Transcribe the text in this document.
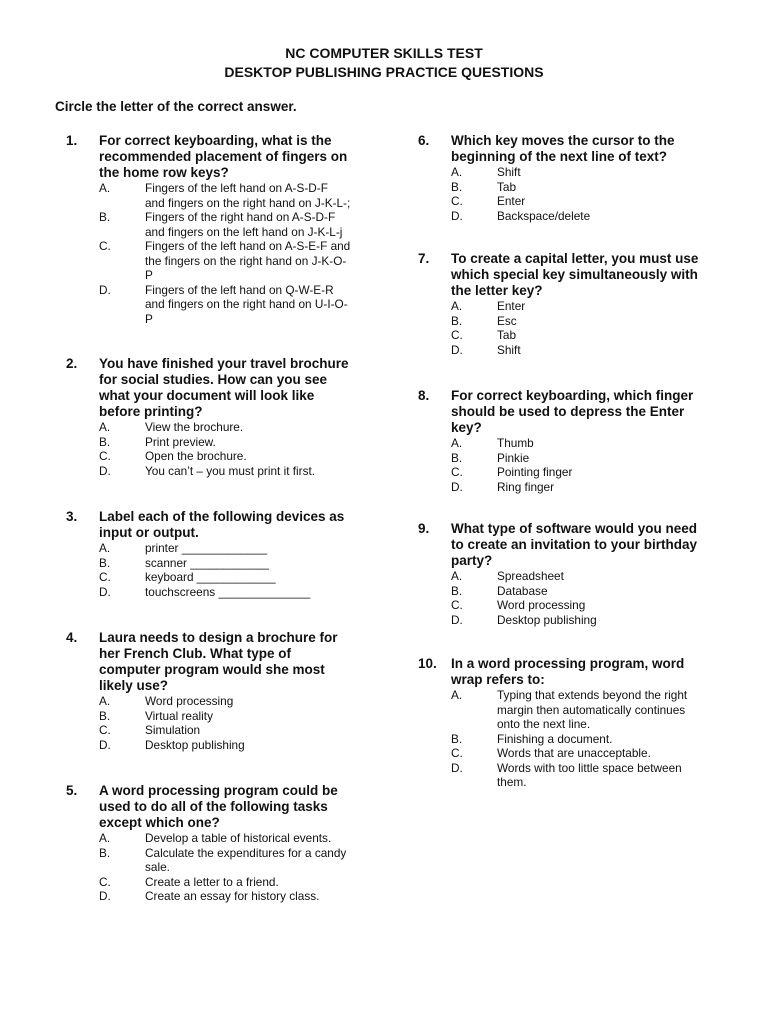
NC COMPUTER SKILLS TEST
DESKTOP PUBLISHING PRACTICE QUESTIONS
Circle the letter of the correct answer.
1. For correct keyboarding, what is the
recommended placement of fingers on
the home row keys?
A.	Fingers of the left hand on A-S-D-F
and fingers on the right hand on J-K-L-;
B.	Fingers of the right hand on A-S-D-F
and fingers on the left hand on J-K-L-j
C.	Fingers of the left hand on A-S-E-F and
the fingers on the right hand on J-K-O-
P
D.	Fingers of the left hand on Q-W-E-R
and fingers on the right hand on U-I-O-
P
2. You have finished your travel brochure
for social studies. How can you see
what your document will look like
before printing?
A.	View the brochure.
B.	Print preview.
C.	Open the brochure.
D.	You can’t – you must print it first.
3. Label each of the following devices as
input or output.
A.	printer _____________
B.	scanner ____________
C.	keyboard ____________
D.	touchscreens ______________
4. Laura needs to design a brochure for
her French Club. What type of
computer program would she most
likely use?
A.	Word processing
B.	Virtual reality
C.	Simulation
D.	Desktop publishing
5. A word processing program could be
used to do all of the following tasks
except which one?
A.	Develop a table of historical events.
B.	Calculate the expenditures for a candy
sale.
C.	Create a letter to a friend.
D.	Create an essay for history class.
6. Which key moves the cursor to the
beginning of the next line of text?
A.	Shift
B.	Tab
C.	Enter
D.	Backspace/delete
7. To create a capital letter, you must use
which special key simultaneously with
the letter key?
A.	Enter
B.	Esc
C.	Tab
D.	Shift
8. For correct keyboarding, which finger
should be used to depress the Enter
key?
A.	Thumb
B.	Pinkie
C.	Pointing finger
D.	Ring finger
9. What type of software would you need
to create an invitation to your birthday
party?
A.	Spreadsheet
B.	Database
C.	Word processing
D.	Desktop publishing
10. In a word processing program, word
wrap refers to:
A.	Typing that extends beyond the right
margin then automatically continues
onto the next line.
B.	Finishing a document.
C.	Words that are unacceptable.
D.	Words with too little space between
them.
